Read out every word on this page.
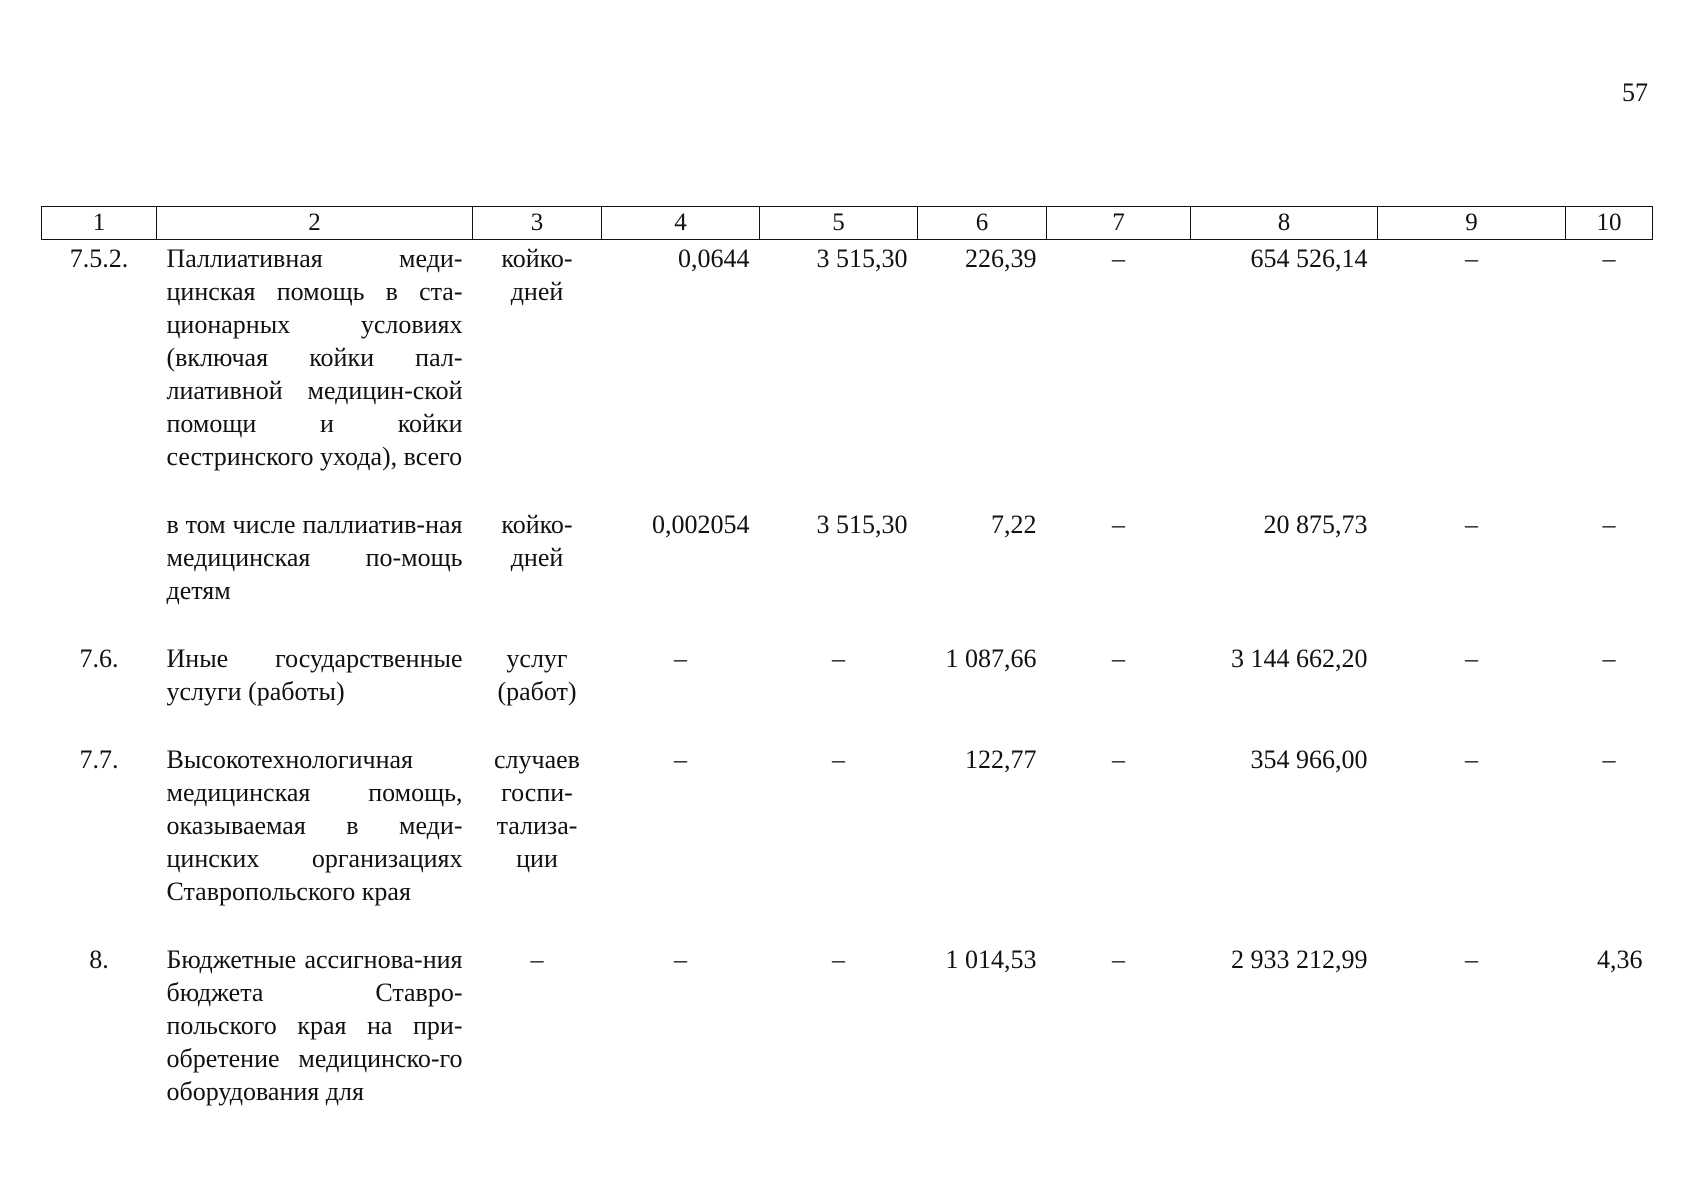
57
1	2	3	4	5	6	7	8	9	10
7.5.2.	Паллиативная меди-цинская помощь в ста-ционарных условиях (включая койки пал-лиативной медицин-ской помощи и койки сестринского ухода), всего	койко-дней	0,0644	3 515,30	226,39	–	654 526,14	–	–
	в том числе паллиатив-ная медицинская по-мощь детям	койко-дней	0,002054	3 515,30	7,22	–	20 875,73	–	–
7.6.	Иные государственные услуги (работы)	услуг (работ)	–	–	1 087,66	–	3 144 662,20	–	–
7.7.	Высокотехнологичная медицинская помощь, оказываемая в меди-цинских организациях Ставропольского края	случаев госпи-тализа-ции	–	–	122,77	–	354 966,00	–	–
8.	Бюджетные ассигнова-ния бюджета Ставро-польского края на при-обретение медицинско-го оборудования для	–	–	–	1 014,53	–	2 933 212,99	–	4,36
